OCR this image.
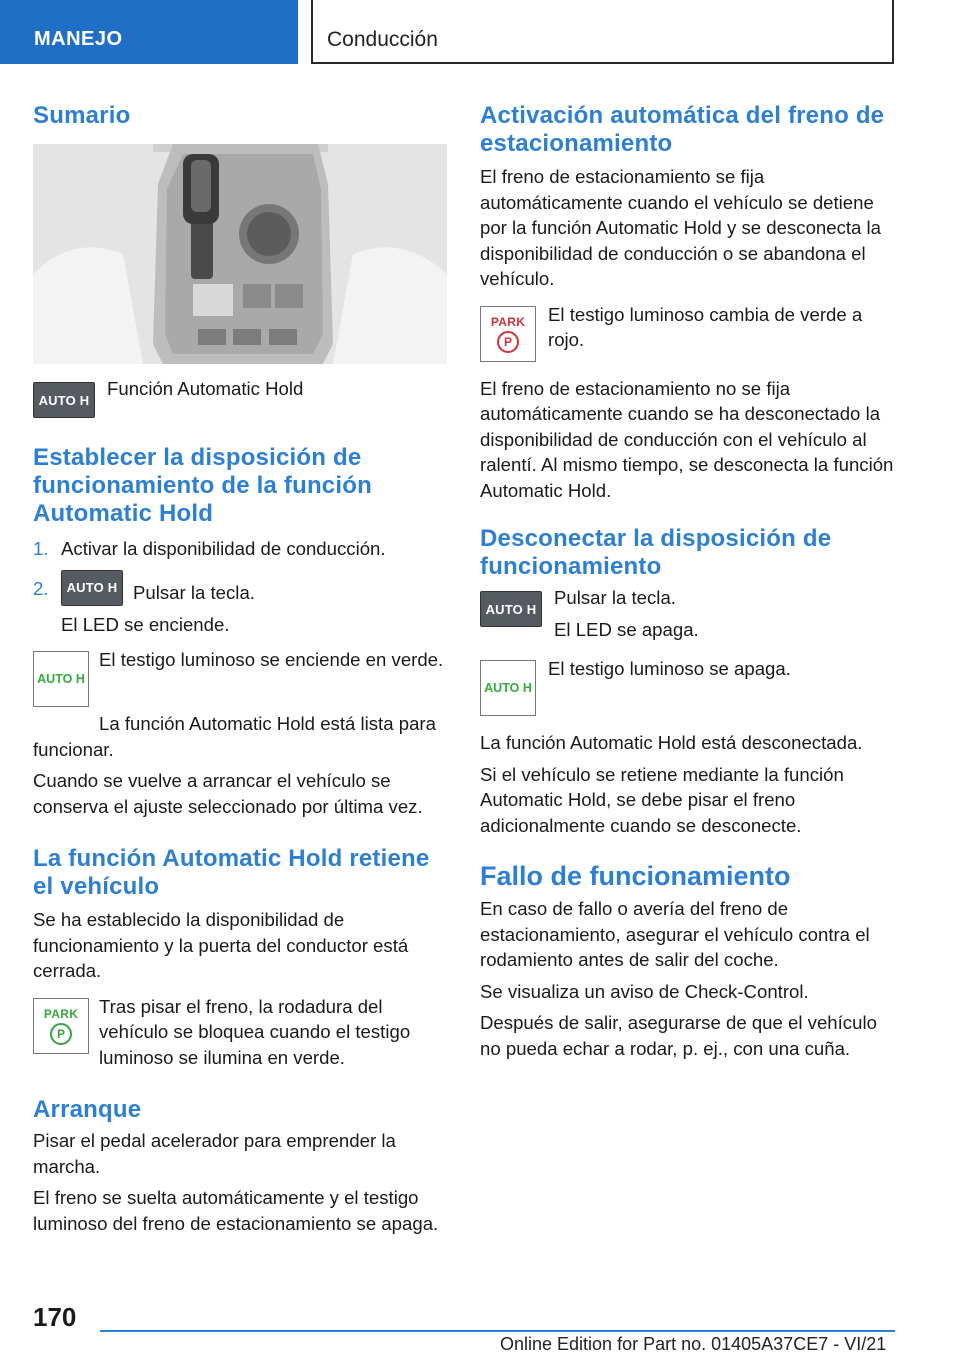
MANEJO	Conducción
Sumario
AUTO H

Función Automatic Hold

Establecer la disposición de funcionamiento de la función Automatic Hold
1. Activar la disponibilidad de conducción.

2.	AUTO H Pulsar la tecla.

El LED se enciende.

AUTO H

El testigo luminoso se enciende en verde.

La función Automatic Hold está lista para funcionar.

Cuando se vuelve a arrancar el vehículo se conserva el ajuste seleccionado por última vez.

La función Automatic Hold retiene el vehículo

Se ha establecido la disponibilidad de funcionamiento y la puerta del conductor está cerrada.

PARK
P

Tras pisar el freno, la rodadura del vehículo se bloquea cuando el testigo luminoso se ilumina en verde.

Arranque

Pisar el pedal acelerador para emprender la marcha.

El freno se suelta automáticamente y el testigo luminoso del freno de estacionamiento se apaga.

Activación automática del freno de estacionamiento

El freno de estacionamiento se fija automáticamente cuando el vehículo se detiene por la función Automatic Hold y se desconecta la disponibilidad de conducción o se abandona el vehículo.

PARK
P

El testigo luminoso cambia de verde a rojo.

El freno de estacionamiento no se fija automáticamente cuando se ha desconectado la disponibilidad de conducción con el vehículo al ralentí. Al mismo tiempo, se desconecta la función Automatic Hold.

Desconectar la disposición de funcionamiento
AUTO H

Pulsar la tecla.

El LED se apaga.

AUTO H

El testigo luminoso se apaga.

La función Automatic Hold está desconectada.

Si el vehículo se retiene mediante la función Automatic Hold, se debe pisar el freno adicionalmente cuando se desconecte.

Fallo de funcionamiento

En caso de fallo o avería del freno de estacionamiento, asegurar el vehículo contra el rodamiento antes de salir del coche.

Se visualiza un aviso de Check-Control.

Después de salir, asegurarse de que el vehículo no pueda echar a rodar, p. ej., con una cuña.

170
Online Edition for Part no. 01405A37CE7 - VI/21
